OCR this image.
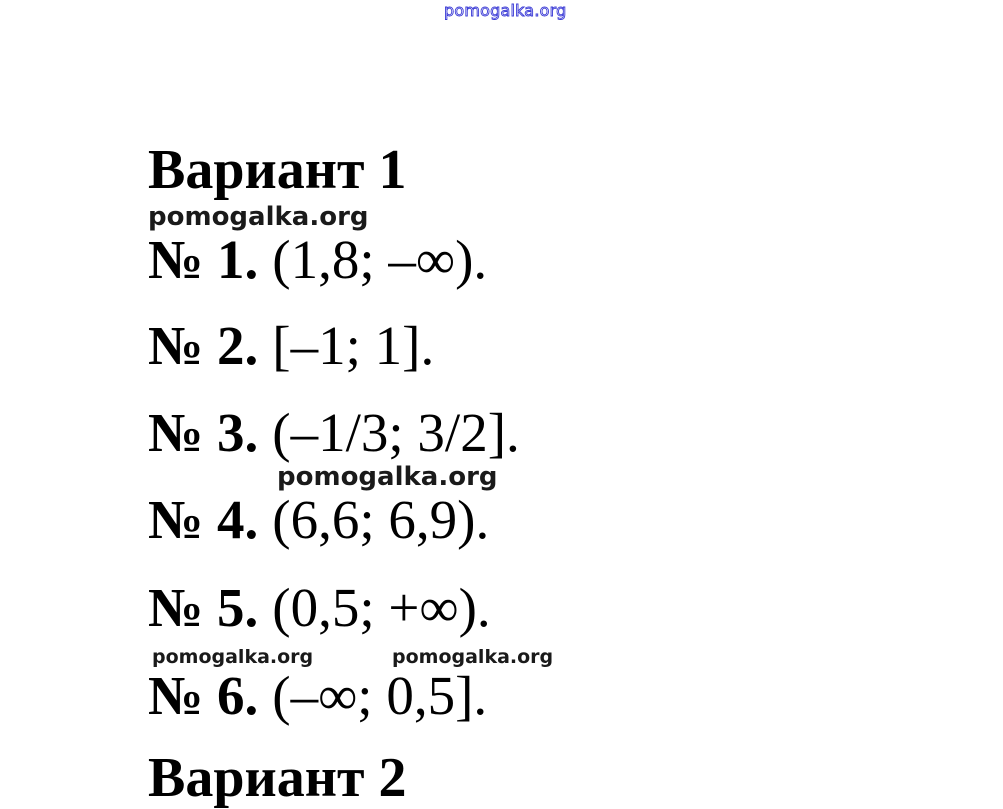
pomogalka.org
Вариант 1
pomogalka.org
№ 1. (1,8; –∞).
№ 2. [–1; 1].
№ 3. (–1/3; 3/2].
pomogalka.org
№ 4. (6,6; 6,9).
№ 5. (0,5; +∞).
pomogalka.org	pomogalka.org
№ 6. (–∞; 0,5].
Вариант 2
